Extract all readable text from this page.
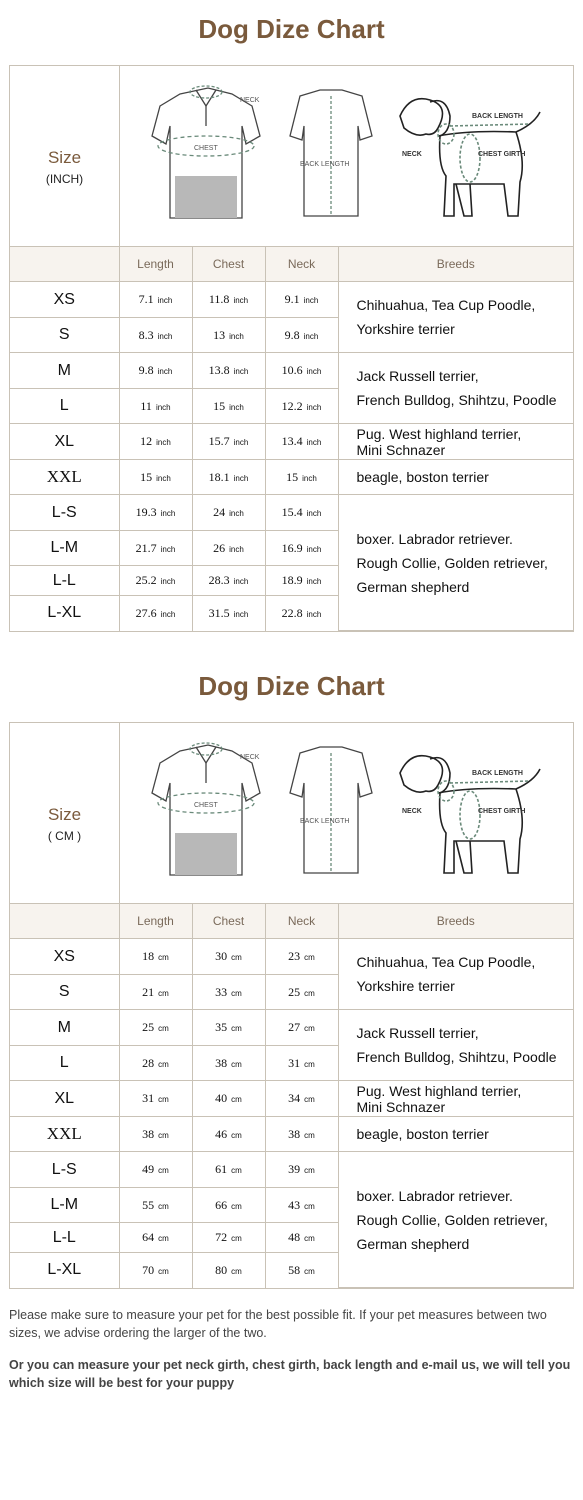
Dog Dize Chart
Size
(INCH)
NECK
CHEST
BACK LENGTH
BACK LENGTH
NECK	CHEST GIRTH
	Length	Chest	Neck	Breeds
XS	7.1 inch	11.8 inch	9.1 inch	Chihuahua, Tea Cup Poodle,
Yorkshire terrier

S	8.3 inch	13 inch	9.8 inch	
M	9.8 inch	13.8 inch	10.6 inch	Jack Russell terrier,
French Bulldog, Shihtzu, Poodle

L	11 inch	15 inch	12.2 inch	
XL	12 inch	15.7 inch	13.4 inch	Pug. West highland terrier,
Mini Schnazer

XXL	15 inch	18.1 inch	15 inch	beagle, boston terrier

L-S	19.3 inch	24 inch	15.4 inch	boxer. Labrador retriever.
Rough Collie, Golden retriever,
German shepherd

L-M	21.7 inch	26 inch	16.9 inch	
L-L	25.2 inch	28.3 inch	18.9 inch	
L-XL	27.6 inch	31.5 inch	22.8 inch	
Dog Dize Chart
Size
( CM )
NECK
CHEST
BACK LENGTH
BACK LENGTH
NECK	CHEST GIRTH
	Length	Chest	Neck	Breeds
XS	18 cm	30 cm	23 cm	Chihuahua, Tea Cup Poodle,
Yorkshire terrier

S	21 cm	33 cm	25 cm	
M	25 cm	35 cm	27 cm	Jack Russell terrier,
French Bulldog, Shihtzu, Poodle

L	28 cm	38 cm	31 cm	
XL	31 cm	40 cm	34 cm	Pug. West highland terrier,
Mini Schnazer

XXL	38 cm	46 cm	38 cm	beagle, boston terrier

L-S	49 cm	61 cm	39 cm	boxer. Labrador retriever.
Rough Collie, Golden retriever,
German shepherd

L-M	55 cm	66 cm	43 cm	
L-L	64 cm	72 cm	48 cm	
L-XL	70 cm	80 cm	58 cm	
Please make sure to measure your pet for the best possible fit. If your pet measures between two sizes, we advise ordering the larger of the two.
Or you can measure your pet neck girth, chest girth, back length and e-mail us, we will tell you which size will be best for your puppy
